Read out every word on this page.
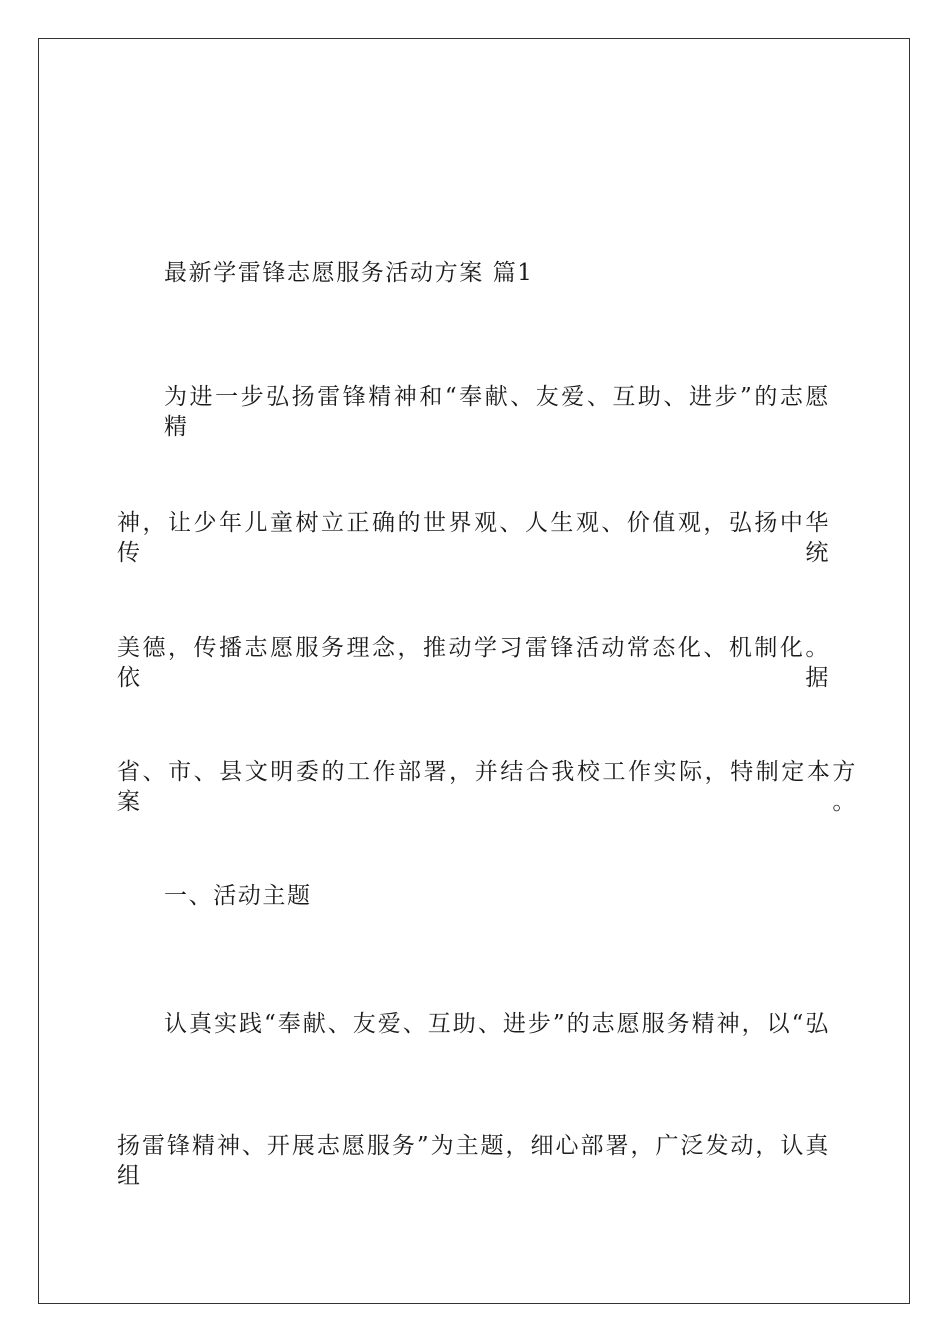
最新学雷锋志愿服务活动方案 篇1
为进一步弘扬雷锋精神和“奉献、友爱、互助、进步”的志愿精
神，让少年儿童树立正确的世界观、人生观、价值观，弘扬中华传统
美德，传播志愿服务理念，推动学习雷锋活动常态化、机制化。依据
省、市、县文明委的工作部署，并结合我校工作实际，特制定本方案。
一、活动主题
认真实践“奉献、友爱、互助、进步”的志愿服务精神，以“弘
扬雷锋精神、开展志愿服务”为主题，细心部署，广泛发动，认真组
